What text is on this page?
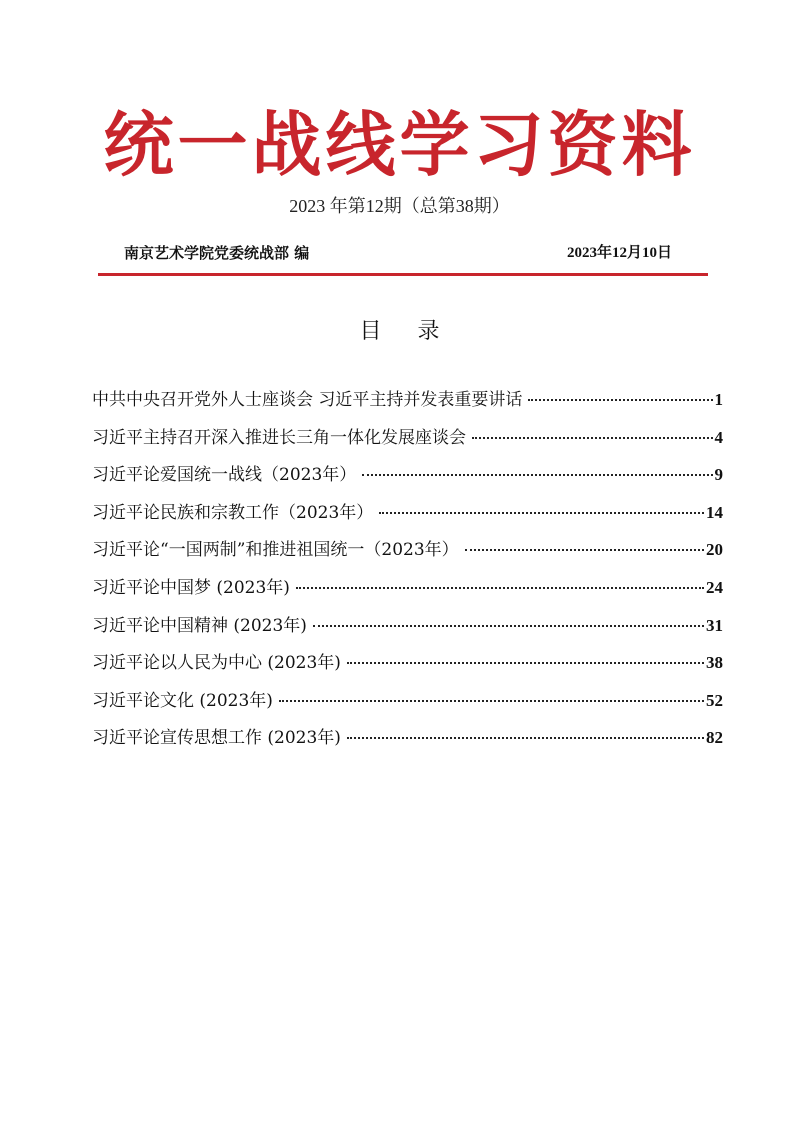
统一战线学习资料
2023 年第12期（总第38期）
南京艺术学院党委统战部 编	2023年12月10日
目录
中共中央召开党外人士座谈会 习近平主持并发表重要讲话	1
习近平主持召开深入推进长三角一体化发展座谈会	4
习近平论爱国统一战线（2023年）	9
习近平论民族和宗教工作（2023年）	14
习近平论“一国两制”和推进祖国统一（2023年）	20
习近平论中国梦 (2023年)	24
习近平论中国精神 (2023年)	31
习近平论以人民为中心 (2023年)	38
习近平论文化 (2023年)	52
习近平论宣传思想工作 (2023年)	82
